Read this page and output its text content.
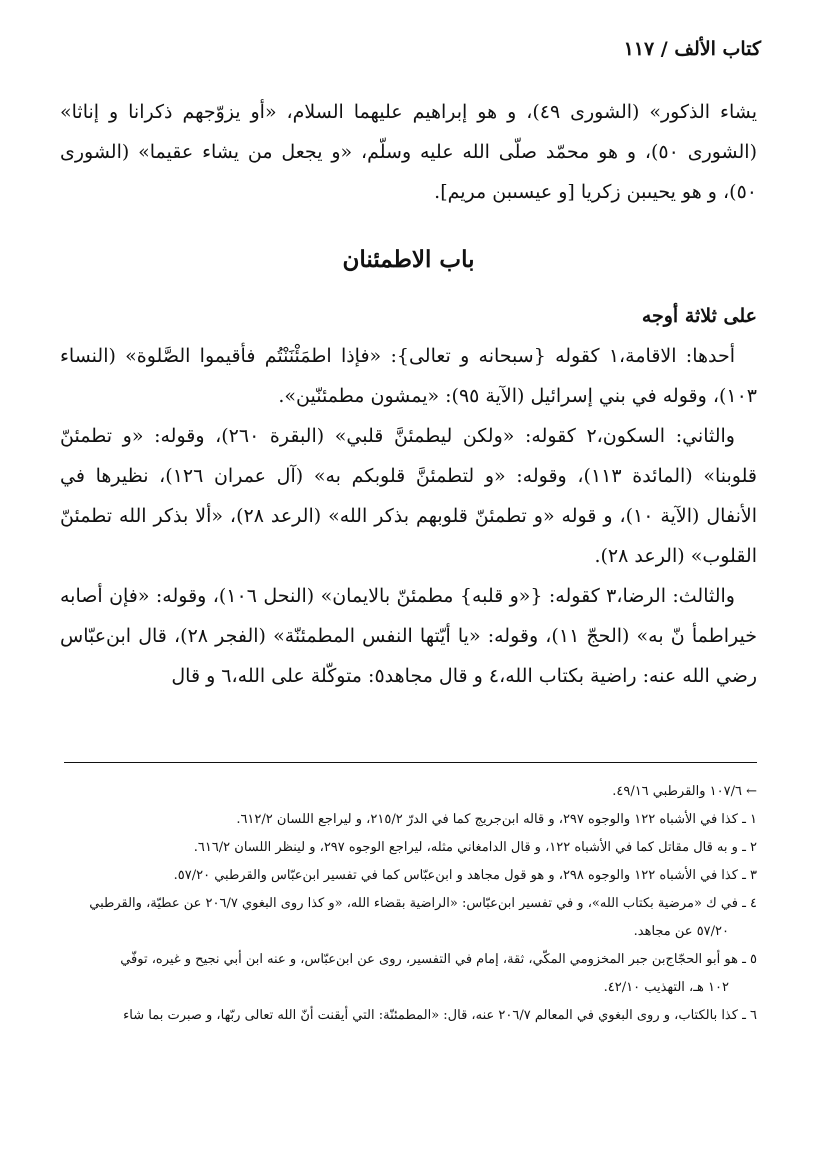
كتاب الألف / ١١٧

يشاء الذكور» (الشورى ٤٩)، و هو إبراهيم عليهما السلام، «أو يزوّجهم ذكرانا و إناثا» (الشورى ٥٠)، و هو محمّد صلّى الله عليه وسلّم، «و يجعل من يشاء عقيما» (الشورى ٥٠)، و هو يحيىبن زكريا [و عيسىبن مريم].

باب الاطمئنان

على ثلاثة أوجه

أحدها: الاقامة،١ كقوله {سبحانه و تعالى}: «فإذا اطمَئْنَنْتُم فأقيموا الصَّلوة» (النساء ١٠٣)، وقوله في بني إسرائيل (الآية ٩٥): «يمشون مطمئنّين».

والثاني: السكون،٢ كقوله: «ولكن ليطمئنَّ قلبي» (البقرة ٢٦٠)، وقوله: «و تطمئنّ قلوبنا» (المائدة ١١٣)، وقوله: «و لتطمئنَّ قلوبكم به» (آل عمران ١٢٦)، نظيرها في الأنفال (الآية ١٠)، و قوله «و تطمئنّ قلوبهم بذكر الله» (الرعد ٢٨)، «ألا بذكر الله تطمئنّ القلوب» (الرعد ٢٨).

والثالث: الرضا،٣ كقوله: {«و قلبه} مطمئنّ بالايمان» (النحل ١٠٦)، وقوله: «فإن أصابه خيراطمأ نّ به» (الحجّ ١١)، وقوله: «يا أيّتها النفس المطمئنّة» (الفجر ٢٨)، قال ابن‌عبّاس رضي الله عنه: راضية بكتاب الله،٤ و قال مجاهد٥: متوكّلة على الله،٦ و قال

← ١٠٧/٦ والقرطبي ٤٩/١٦.

١ ـ كذا في الأشباه ١٢٢ والوجوه ٢٩٧، و قاله ابن‌جريج كما في الدرّ ٢١٥/٢، و ليراجع اللسان ٦١٢/٢.

٢ ـ و به قال مقاتل كما في الأشباه ١٢٢، و قال الدامغاني مثله، ليراجع الوجوه ٢٩٧، و لينظر اللسان ٦١٦/٢.

٣ ـ كذا في الأشباه ١٢٢ والوجوه ٢٩٨، و هو قول مجاهد و ابن‌عبّاس كما في تفسير ابن‌عبّاس والقرطبي ٥٧/٢٠.

٤ ـ في ك «مرضية بكتاب الله»، و في تفسير ابن‌عبّاس: «الراضية بقضاء الله، «و كذا روى البغوي ٢٠٦/٧ عن عطيّة، والقرطبي

٥٧/٢٠ عن مجاهد.

٥ ـ هو أبو الحجّاج‌بن جبر المخزومي المكّي، ثقة، إمام في التفسير، روى عن ابن‌عبّاس، و عنه ابن أبي نجيح و غيره، توفّي

١٠٢ هـ، التهذيب ٤٢/١٠.

٦ ـ كذا بالكتاب، و روى البغوي في المعالم ٢٠٦/٧ عنه، قال: «المطمئنّة: التي أيقنت أنّ الله تعالى ربّها، و صبرت بما شاء
